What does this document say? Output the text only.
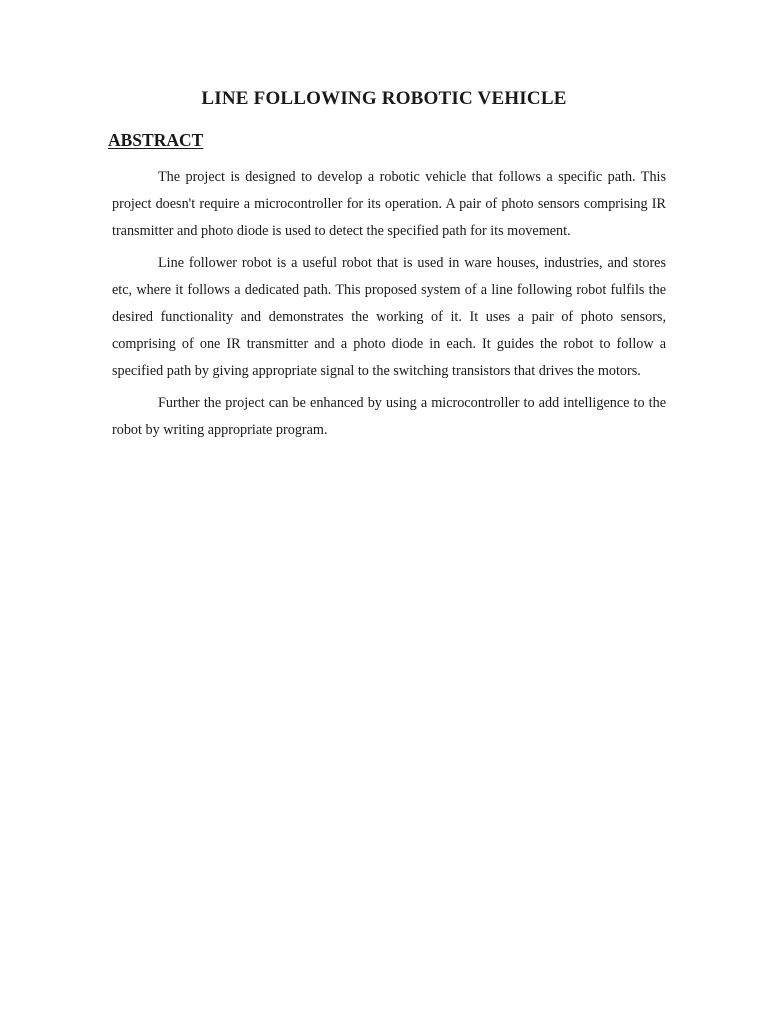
LINE FOLLOWING ROBOTIC VEHICLE
ABSTRACT

The project is designed to develop a robotic vehicle that follows a specific path. This project doesn't require a microcontroller for its operation. A pair of photo sensors comprising IR transmitter and photo diode is used to detect the specified path for its movement.

Line follower robot is a useful robot that is used in ware houses, industries, and stores etc, where it follows a dedicated path. This proposed system of a line following robot fulfils the desired functionality and demonstrates the working of it. It uses a pair of photo sensors, comprising of one IR transmitter and a photo diode in each. It guides the robot to follow a specified path by giving appropriate signal to the switching transistors that drives the motors.

Further the project can be enhanced by using a microcontroller to add intelligence to the robot by writing appropriate program.
